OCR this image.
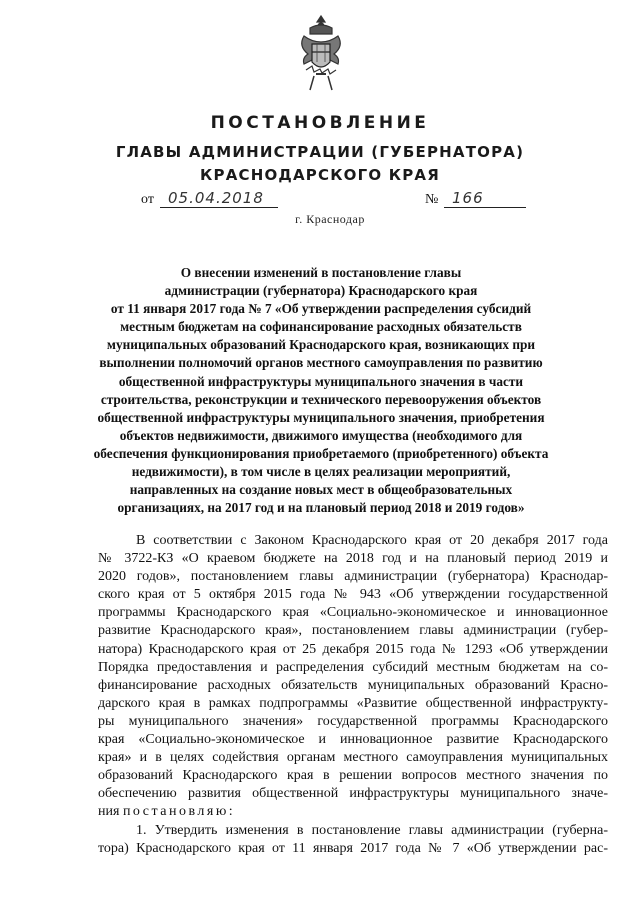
ПОСТАНОВЛЕНИЕ
ГЛАВЫ АДМИНИСТРАЦИИ (ГУБЕРНАТОРА)
КРАСНОДАРСКОГО КРАЯ
от 05.04.2018	№ 166
г. Краснодар
О внесении изменений в постановление главы
администрации (губернатора) Краснодарского края
от 11 января 2017 года № 7 «Об утверждении распределения субсидий
местным бюджетам на софинансирование расходных обязательств
муниципальных образований Краснодарского края, возникающих при
выполнении полномочий органов местного самоуправления по развитию
общественной инфраструктуры муниципального значения в части
строительства, реконструкции и технического перевооружения объектов
общественной инфраструктуры муниципального значения, приобретения
объектов недвижимости, движимого имущества (необходимого для
обеспечения функционирования приобретаемого (приобретенного) объекта
недвижимости), в том числе в целях реализации мероприятий,
направленных на создание новых мест в общеобразовательных
организациях, на 2017 год и на плановый период 2018 и 2019 годов»
В соответствии с Законом Краснодарского края от 20 декабря 2017 года
№ 3722-КЗ «О краевом бюджете на 2018 год и на плановый период 2019 и
2020 годов», постановлением главы администрации (губернатора) Краснодар-
ского края от 5 октября 2015 года № 943 «Об утверждении государственной
программы Краснодарского края «Социально-экономическое и инновационное
развитие Краснодарского края», постановлением главы администрации (губер-
натора) Краснодарского края от 25 декабря 2015 года № 1293 «Об утверждении
Порядка предоставления и распределения субсидий местным бюджетам на со-
финансирование расходных обязательств муниципальных образований Красно-
дарского края в рамках подпрограммы «Развитие общественной инфраструкту-
ры муниципального значения» государственной программы Краснодарского
края «Социально-экономическое и инновационное развитие Краснодарского
края» и в целях содействия органам местного самоуправления муниципальных
образований Краснодарского края в решении вопросов местного значения по
обеспечению развития общественной инфраструктуры муниципального значе-
ния постановляю:
1. Утвердить изменения в постановление главы администрации (губерна-
тора) Краснодарского края от 11 января 2017 года № 7 «Об утверждении рас-
